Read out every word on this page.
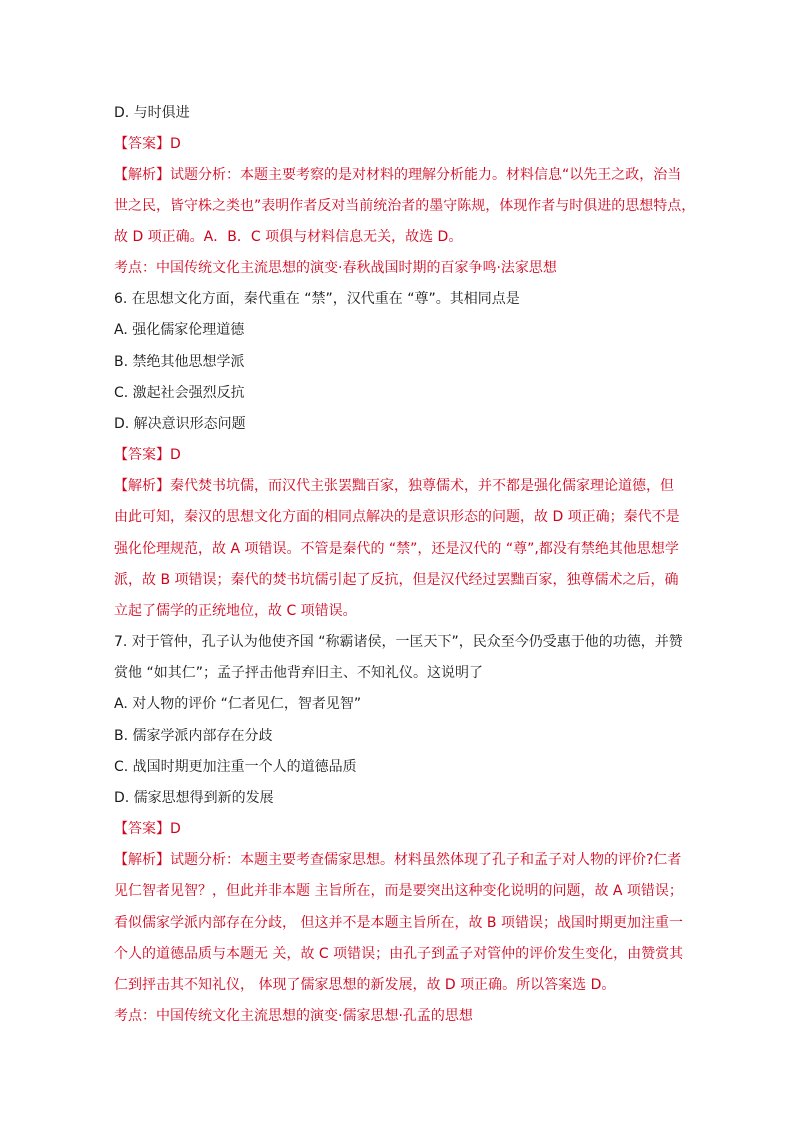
D. 与时俱进
【答案】D
【解析】试题分析：本题主要考察的是对材料的理解分析能力。材料信息“以先王之政，治当
世之民，皆守株之类也”表明作者反对当前统治者的墨守陈规，体现作者与时俱进的思想特点，
故 D 项正确。A．B．C 项俱与材料信息无关，故选 D。
考点：中国传统文化主流思想的演变·春秋战国时期的百家争鸣·法家思想
6. 在思想文化方面，秦代重在 “禁”，汉代重在 “尊”。其相同点是
A. 强化儒家伦理道德
B. 禁绝其他思想学派
C. 激起社会强烈反抗
D. 解决意识形态问题
【答案】D
【解析】秦代焚书坑儒，而汉代主张罢黜百家，独尊儒术，并不都是强化儒家理论道德，但
由此可知，秦汉的思想文化方面的相同点解决的是意识形态的问题，故 D 项正确；秦代不是
强化伦理规范，故 A 项错误。不管是秦代的 “禁”，还是汉代的 “尊”,都没有禁绝其他思想学
派，故 B 项错误；秦代的焚书坑儒引起了反抗，但是汉代经过罢黜百家，独尊儒术之后，确
立起了儒学的正统地位，故 C 项错误。
7. 对于管仲，孔子认为他使齐国 “称霸诸侯，一匡天下”，民众至今仍受惠于他的功德，并赞
赏他 “如其仁”；孟子抨击他背弃旧主、不知礼仪。这说明了
A. 对人物的评价 “仁者见仁，智者见智”
B. 儒家学派内部存在分歧
C. 战国时期更加注重一个人的道德品质
D. 儒家思想得到新的发展
【答案】D
【解析】试题分析：本题主要考查儒家思想。材料虽然体现了孔子和孟子对人物的评价?仁者
见仁智者见智？，但此并非本题 主旨所在，而是要突出这种变化说明的问题，故 A 项错误；
看似儒家学派内部存在分歧， 但这并不是本题主旨所在，故 B 项错误；战国时期更加注重一
个人的道德品质与本题无 关，故 C 项错误；由孔子到孟子对管仲的评价发生变化，由赞赏其
仁到抨击其不知礼仪， 体现了儒家思想的新发展，故 D 项正确。所以答案选 D。
考点：中国传统文化主流思想的演变·儒家思想·孔孟的思想
